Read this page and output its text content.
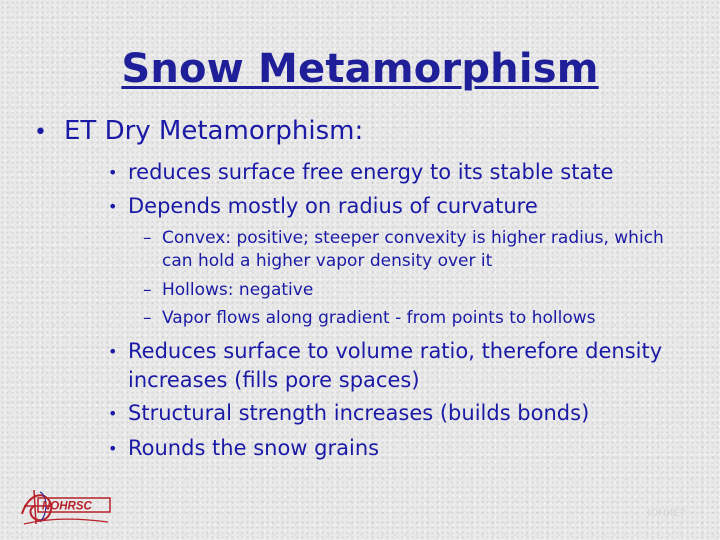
Snow Metamorphism
• ET Dry Metamorphism:
• reduces surface free energy to its stable state
• Depends mostly on radius of curvature
– Convex: positive; steeper convexity is higher radius, which can hold a higher vapor density over it
– Hollows: negative
– Vapor flows along gradient - from points to hollows
• Reduces surface to volume ratio, therefore density increases (fills pore spaces)
• Structural strength increases (builds bonds)
• Rounds the snow grains
NOHRSC
ЈОНИЕ7
